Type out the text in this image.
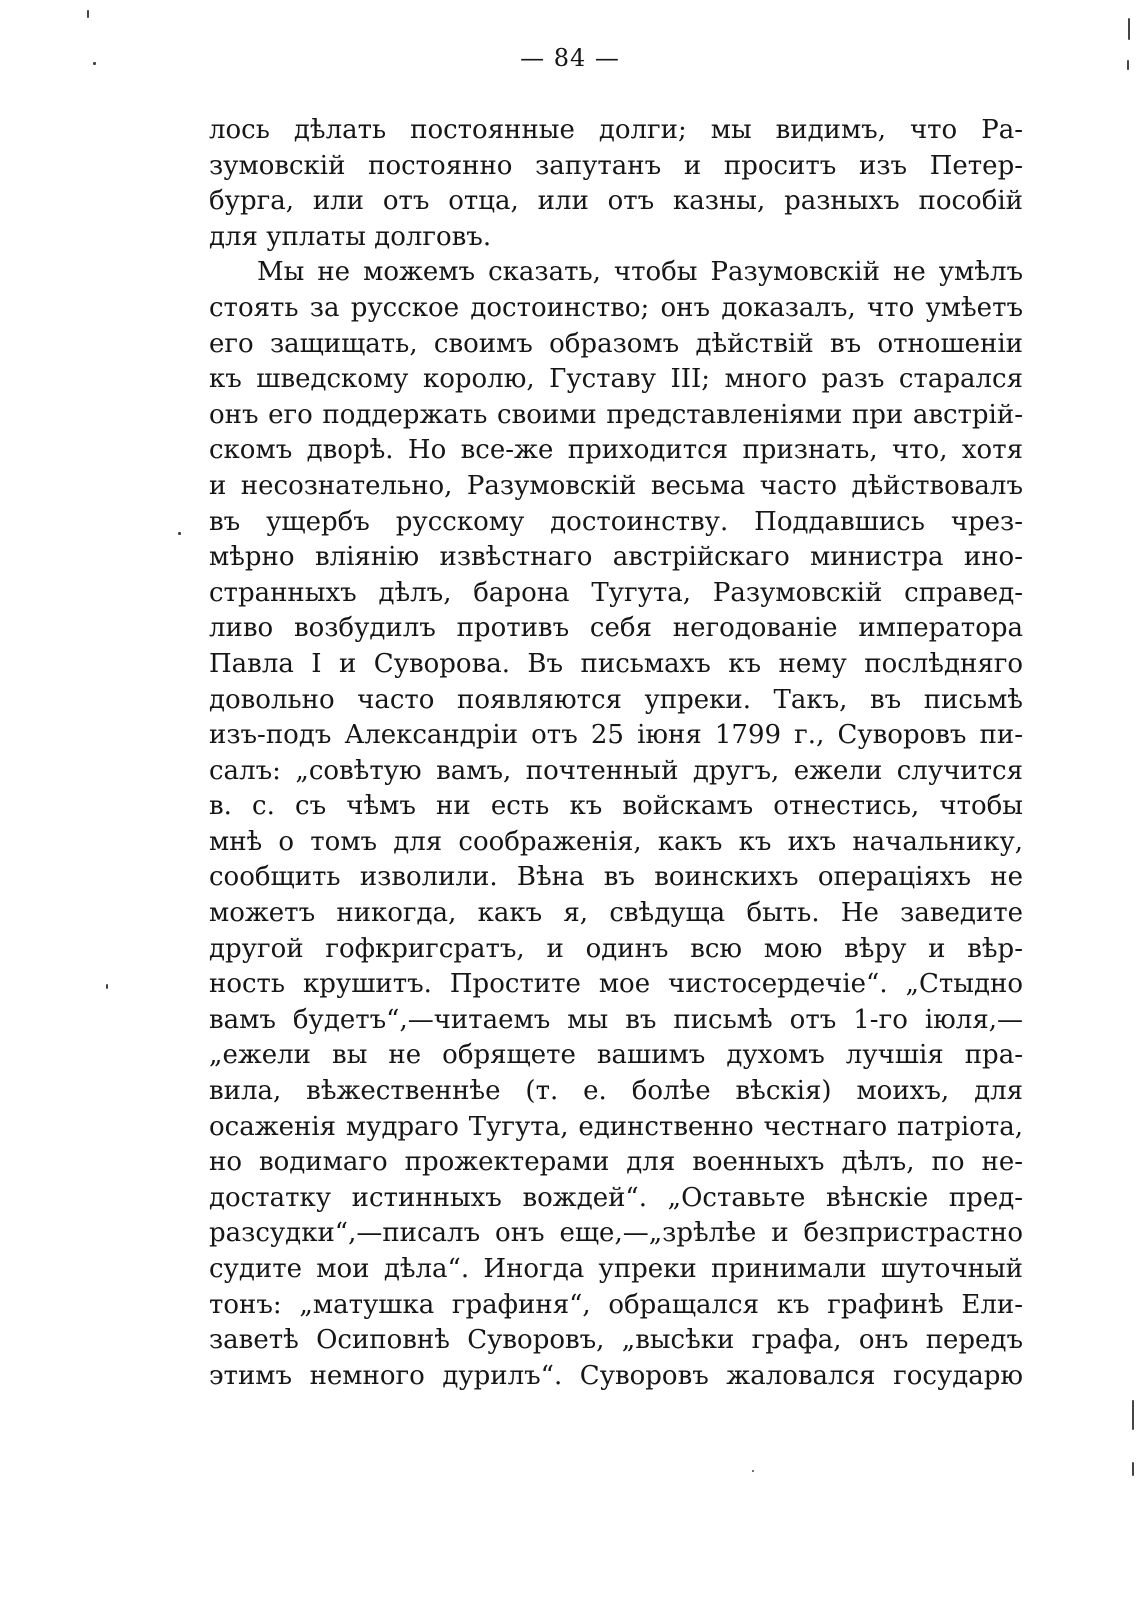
— 84 —
лось дѣлать постоянные долги; мы видимъ, что Ра-
зумовскій постоянно запутанъ и проситъ изъ Петер-
бурга, или отъ отца, или отъ казны, разныхъ пособій
для уплаты долговъ.
Мы не можемъ сказать, чтобы Разумовскій не умѣлъ
стоять за русское достоинство; онъ доказалъ, что умѣетъ
его защищать, своимъ образомъ дѣйствій въ отношеніи
къ шведскому королю, Густаву III; много разъ старался
онъ его поддержать своими представленіями при австрій-
скомъ дворѣ. Но все-же приходится признать, что, хотя
и несознательно, Разумовскій весьма часто дѣйствовалъ
въ ущербъ русскому достоинству. Поддавшись чрез-
мѣрно вліянію извѣстнаго австрійскаго министра ино-
странныхъ дѣлъ, барона Тугута, Разумовскій справед-
ливо возбудилъ противъ себя негодованіе императора
Павла I и Суворова. Въ письмахъ къ нему послѣдняго
довольно часто появляются упреки. Такъ, въ письмѣ
изъ-подъ Александріи отъ 25 іюня 1799 г., Суворовъ пи-
салъ: „совѣтую вамъ, почтенный другъ, ежели случится
в. с. съ чѣмъ ни есть къ войскамъ отнестись, чтобы
мнѣ о томъ для соображенія, какъ къ ихъ начальнику,
сообщить изволили. Вѣна въ воинскихъ операціяхъ не
можетъ никогда, какъ я, свѣдуща быть. Не заведите
другой гофкригсратъ, и одинъ всю мою вѣру и вѣр-
ность крушитъ. Простите мое чистосердечіе“. „Стыдно
вамъ будетъ“,—читаемъ мы въ письмѣ отъ 1-го іюля,—
„ежели вы не обрящете вашимъ духомъ лучшія пра-
вила, вѣжественнѣе (т. е. болѣе вѣскія) моихъ, для
осаженія мудраго Тугута, единственно честнаго патріота,
но водимаго прожектерами для военныхъ дѣлъ, по не-
достатку истинныхъ вождей“. „Оставьте вѣнскіе пред-
разсудки“,—писалъ онъ еще,—„зрѣлѣе и безпристрастно
судите мои дѣла“. Иногда упреки принимали шуточный
тонъ: „матушка графиня“, обращался къ графинѣ Ели-
заветѣ Осиповнѣ Суворовъ, „высѣки графа, онъ передъ
этимъ немного дурилъ“. Суворовъ жаловался государю
